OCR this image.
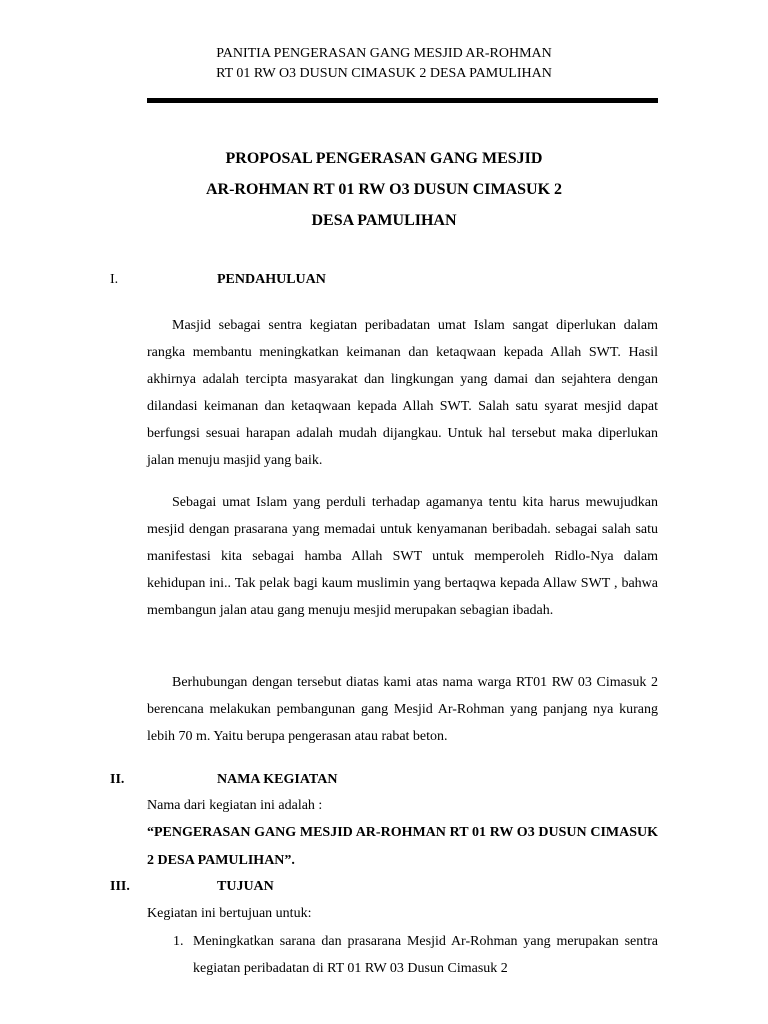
PANITIA PENGERASAN GANG MESJID AR-ROHMAN
RT 01 RW O3 DUSUN CIMASUK 2 DESA PAMULIHAN
PROPOSAL PENGERASAN GANG MESJID
AR-ROHMAN RT 01 RW O3 DUSUN CIMASUK 2
DESA PAMULIHAN
I.	PENDAHULUAN

Masjid sebagai sentra kegiatan peribadatan umat Islam sangat diperlukan dalam rangka membantu meningkatkan keimanan dan ketaqwaan kepada Allah SWT. Hasil akhirnya adalah tercipta masyarakat dan lingkungan yang damai dan sejahtera dengan dilandasi keimanan dan ketaqwaan kepada Allah SWT. Salah satu syarat mesjid dapat berfungsi sesuai harapan adalah mudah dijangkau. Untuk hal tersebut maka diperlukan jalan menuju masjid yang baik.

Sebagai umat Islam yang perduli terhadap agamanya tentu kita harus mewujudkan mesjid dengan prasarana yang memadai untuk kenyamanan beribadah. sebagai salah satu manifestasi kita sebagai hamba Allah SWT untuk memperoleh Ridlo-Nya dalam kehidupan ini.. Tak pelak bagi kaum muslimin yang bertaqwa kepada Allaw SWT , bahwa membangun jalan atau gang menuju mesjid merupakan sebagian ibadah.

Berhubungan dengan tersebut diatas kami atas nama warga RT01 RW 03 Cimasuk 2 berencana melakukan pembangunan gang Mesjid Ar-Rohman yang panjang nya kurang lebih 70 m. Yaitu berupa pengerasan atau rabat beton.

II.	NAMA KEGIATAN
Nama dari kegiatan ini adalah :

“PENGERASAN GANG MESJID AR-ROHMAN RT 01 RW O3 DUSUN CIMASUK 2 DESA PAMULIHAN”.

III.	TUJUAN
Kegiatan ini bertujuan untuk:
1. Meningkatkan sarana dan prasarana Mesjid Ar-Rohman yang merupakan sentra kegiatan peribadatan di RT 01 RW 03 Dusun Cimasuk 2
